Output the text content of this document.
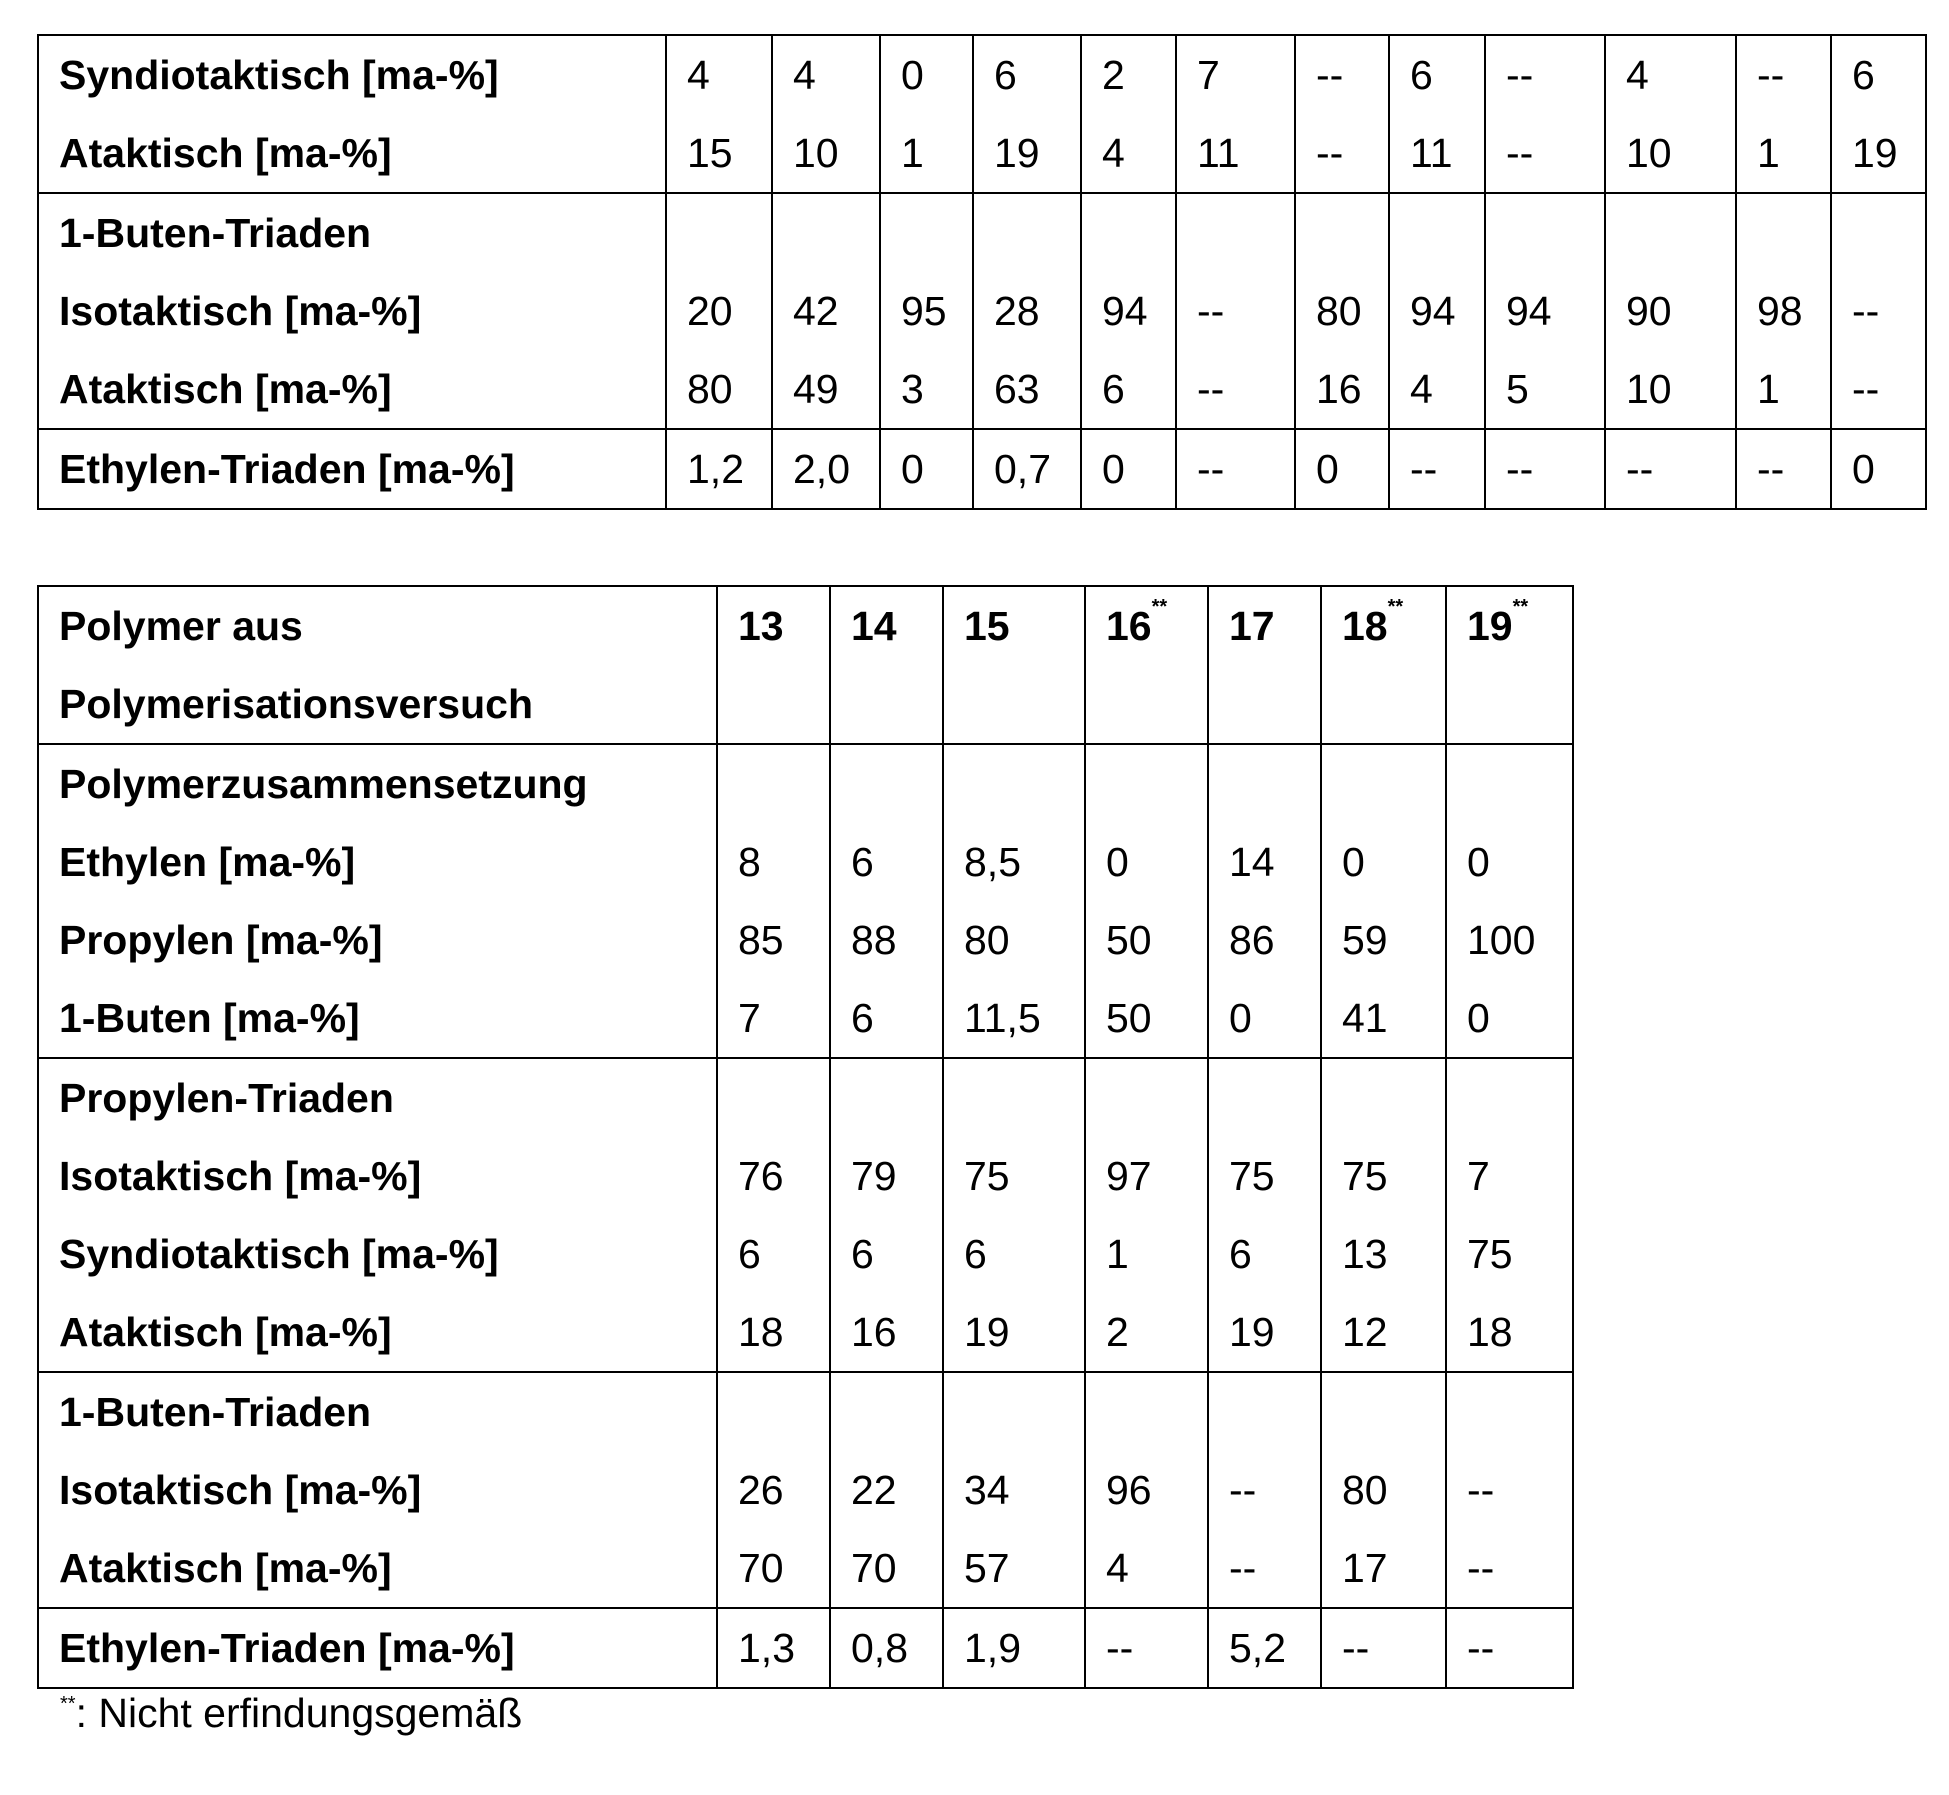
Syndiotaktisch [ma-%]
Ataktisch [ma-%]

4
15

4
10

0
1

6
19

2
4

7
11

--
--

6
11

--
--

4
10

--
1

6
19

1-Buten-Triaden
Isotaktisch [ma-%]
Ataktisch [ma-%]

20
80

42
49

95
3

28
63

94
6

--
--

80
16

94
4

94
5

90
10

98
1

--
--

Ethylen-Triaden [ma-%]	1,2	2,0	0	0,7	0	--	0	--	--	--	--	0
Polymer aus
Polymerisationsversuch

13	14	15	16**	17	18**	19**

Polymerzusammensetzung
Ethylen [ma-%]
Propylen [ma-%]
1-Buten [ma-%]

8
85
7

6
88
6

8,5
80
11,5

0
50
50

14
86
0

0
59
41

0
100
0

Propylen-Triaden
Isotaktisch [ma-%]
Syndiotaktisch [ma-%]
Ataktisch [ma-%]

76
6
18

79
6
16

75
6
19

97
1
2

75
6
19

75
13
12

7
75
18

1-Buten-Triaden
Isotaktisch [ma-%]
Ataktisch [ma-%]

26
70

22
70

34
57

96
4

--
--

80
17

--
--

Ethylen-Triaden [ma-%]	1,3	0,8	1,9	--	5,2	--	--
**: Nicht erfindungsgemäß
